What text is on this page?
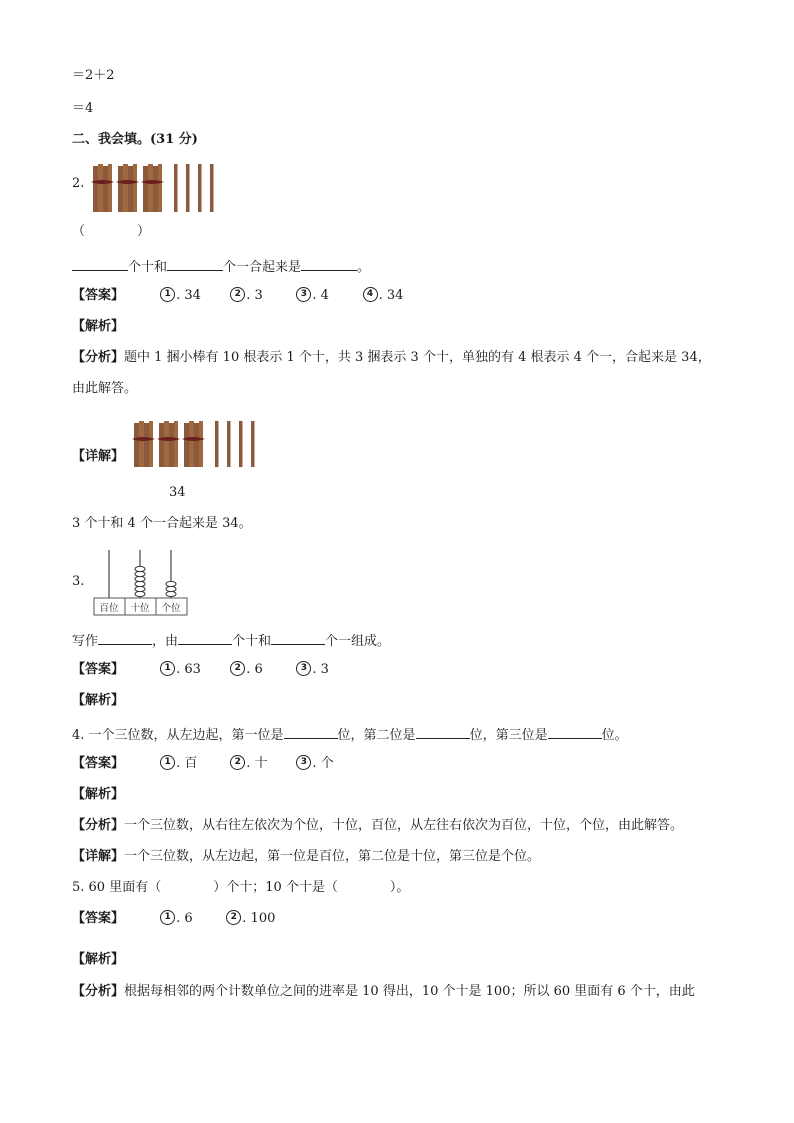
＝2＋2
＝4
二、我会填。(31 分)
2.
（　　　　）
个十和	个一合起来是	。
【答案】	1 . 34	2 . 3	3 . 4	4 . 34
【解析】
【分析】题中 1 捆小棒有 10 根表示 1 个十，共 3 捆表示 3 个十，单独的有 4 根表示 4 个一，合起来是 34，
由此解答。
【详解】
34
3 个十和 4 个一合起来是 34。
3.
百位 十位 个位
写作	，由	个十和	个一组成。
【答案】	1 . 63	2 . 6	3 . 3
【解析】
4. 一个三位数，从左边起，第一位是	位，第二位是	位，第三位是	位。
【答案】	1 . 百	2 . 十	3 . 个
【解析】
【分析】一个三位数，从右往左依次为个位，十位，百位，从左往右依次为百位，十位，个位，由此解答。
【详解】一个三位数，从左边起，第一位是百位，第二位是十位，第三位是个位。
5. 60 里面有（　　　　）个十；10 个十是（　　　　）。
【答案】	1 . 6	2 . 100
【解析】
【分析】根据每相邻的两个计数单位之间的进率是 10 得出，10 个十是 100；所以 60 里面有 6 个十，由此
